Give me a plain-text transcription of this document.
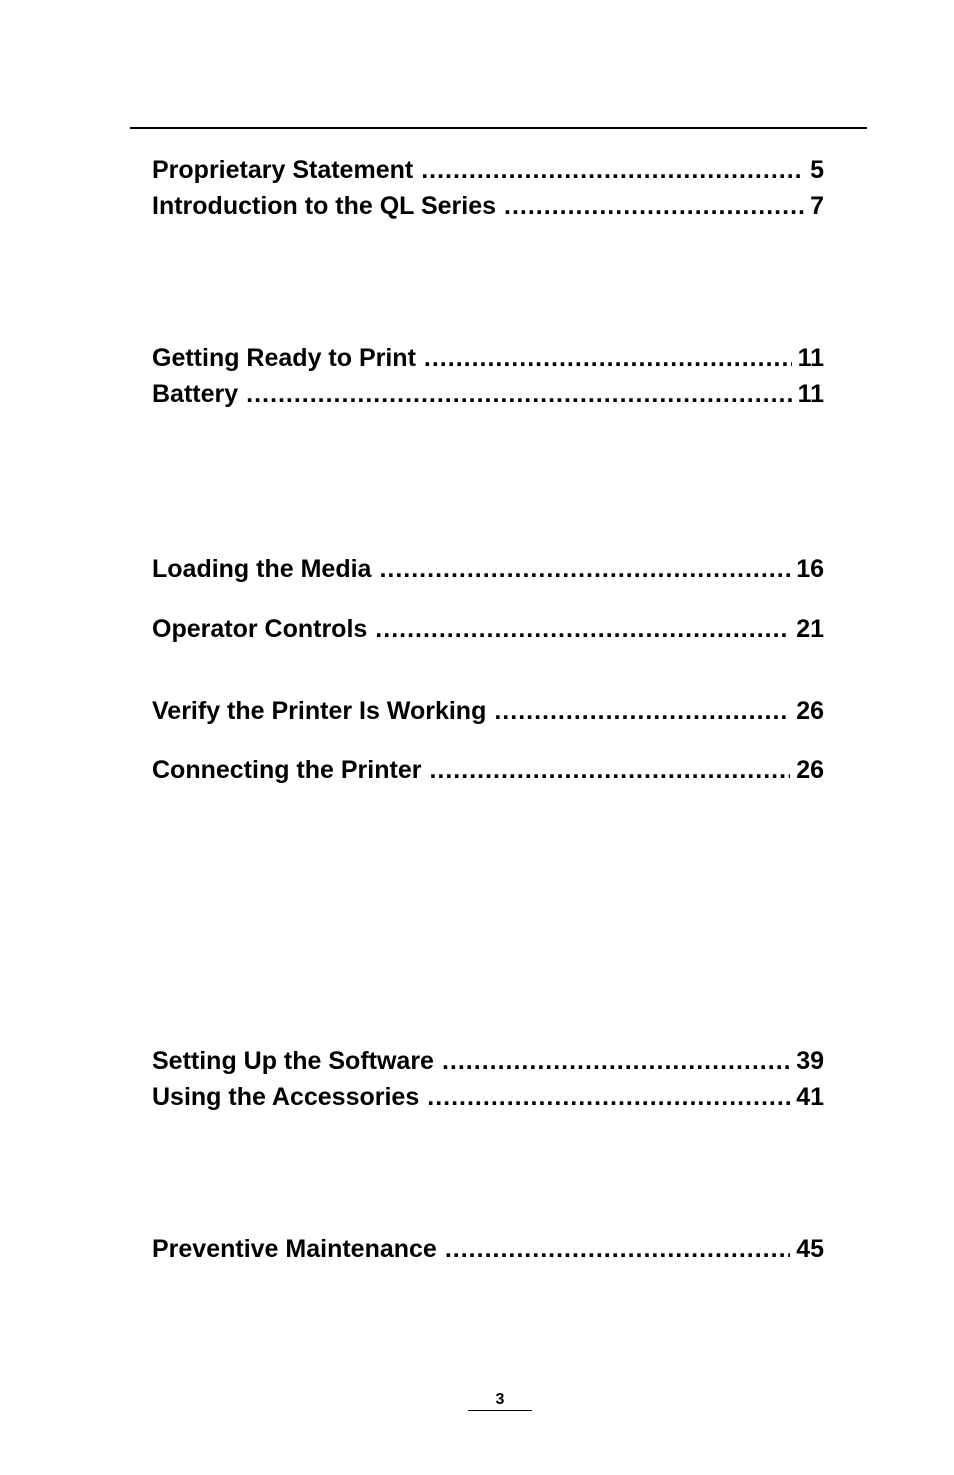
Proprietary Statement .....	5
Introduction to the QL Series .....	7
Getting Ready to Print .....	11
Battery .....	11
Loading the Media .....	16
Operator Controls .....	21
Verify the Printer Is Working .....	26
Connecting the Printer .....	26
Setting Up the Software .....	39
Using the Accessories .....	41
Preventive Maintenance .....	45
3
